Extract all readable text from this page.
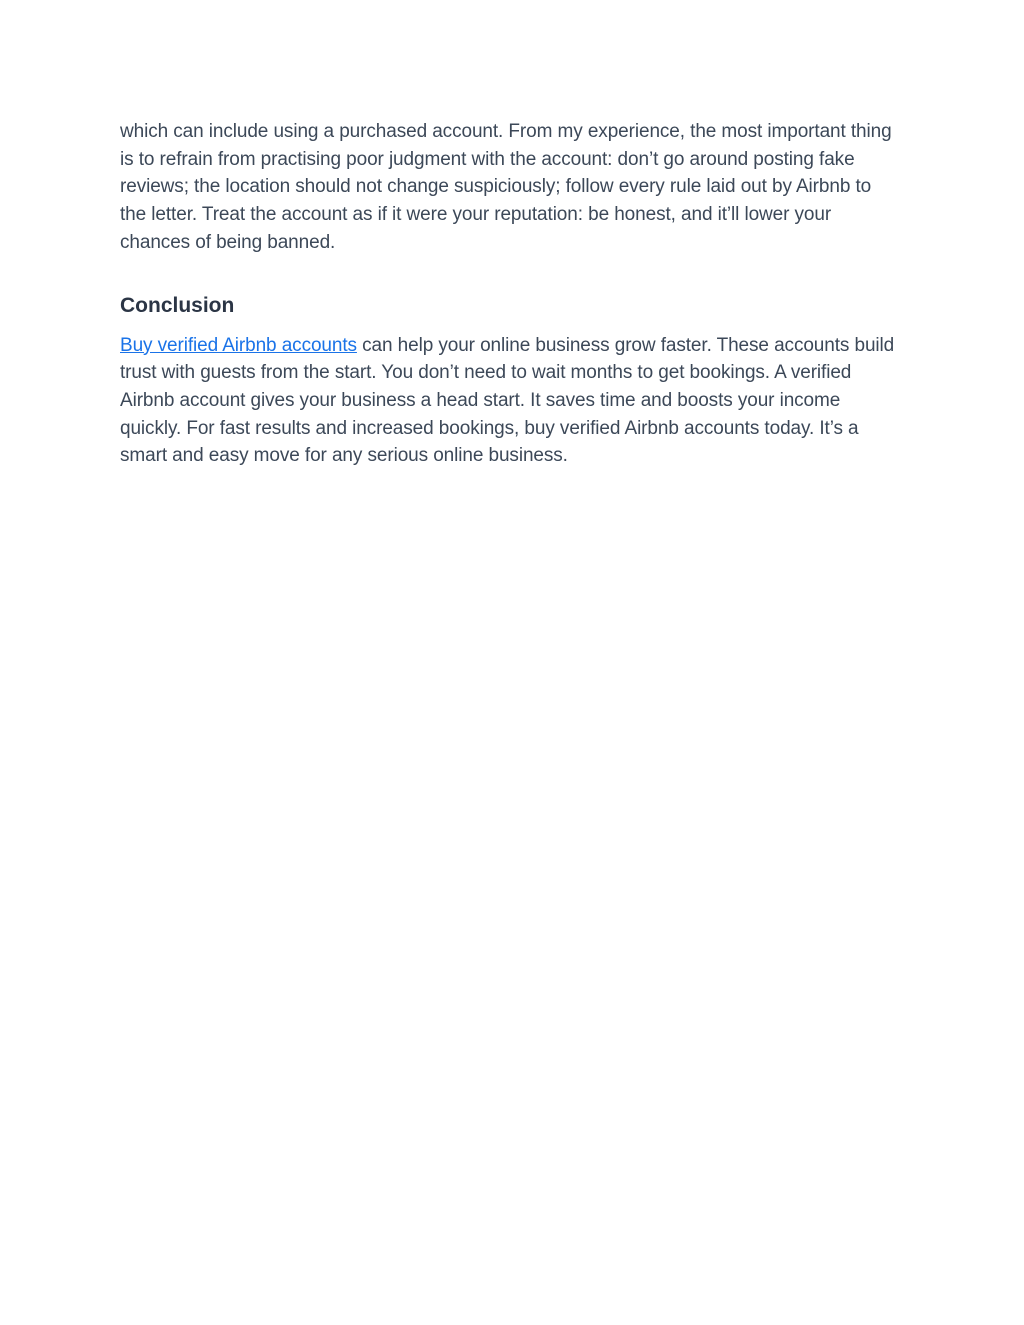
which can include using a purchased account. From my experience, the most important thing is to refrain from practising poor judgment with the account: don’t go around posting fake reviews; the location should not change suspiciously; follow every rule laid out by Airbnb to the letter. Treat the account as if it were your reputation: be honest, and it’ll lower your chances of being banned.

Conclusion

Buy verified Airbnb accounts can help your online business grow faster. These accounts build trust with guests from the start. You don’t need to wait months to get bookings. A verified Airbnb account gives your business a head start. It saves time and boosts your income quickly. For fast results and increased bookings, buy verified Airbnb accounts today. It’s a smart and easy move for any serious online business.
